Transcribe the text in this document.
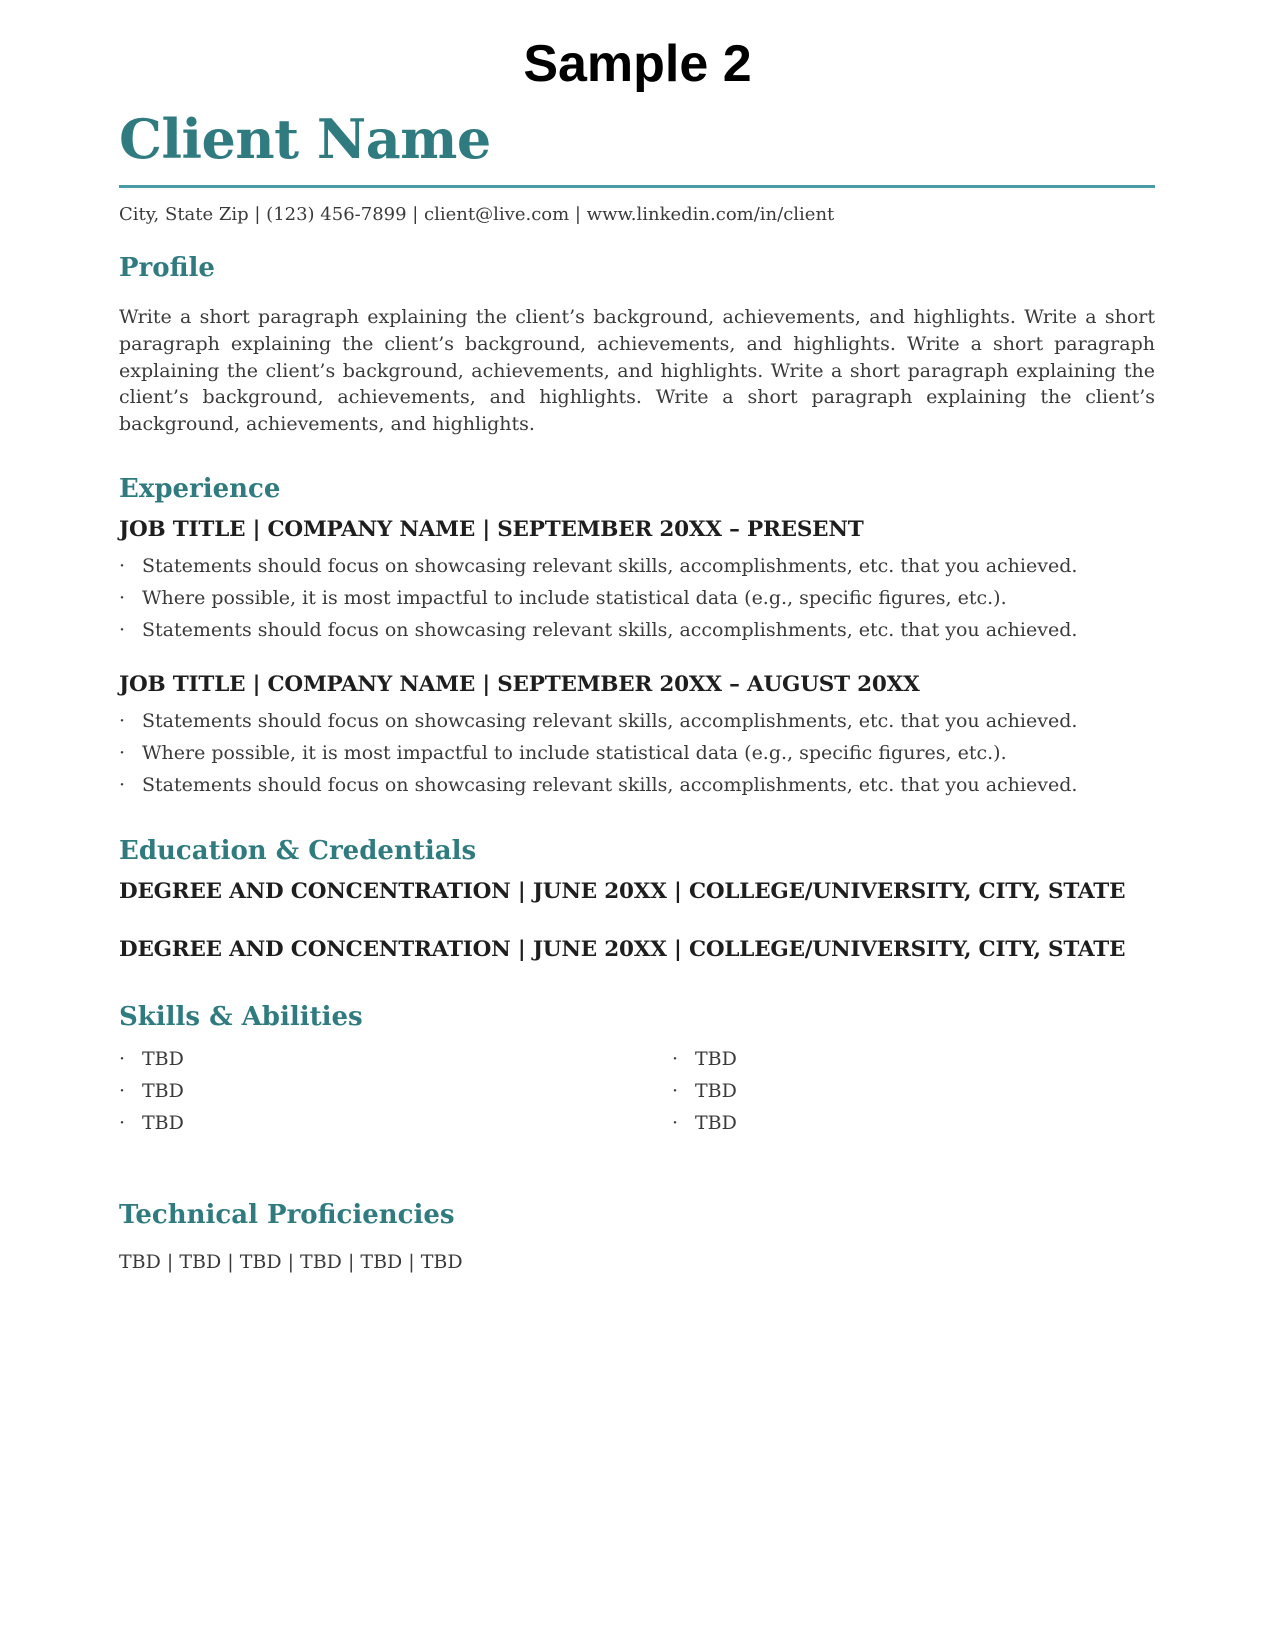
Sample 2
Client Name
City, State Zip | (123) 456-7899 | client@live.com | www.linkedin.com/in/client
Profile

Write a short paragraph explaining the client’s background, achievements, and highlights. Write a short paragraph explaining the client’s background, achievements, and highlights. Write a short paragraph explaining the client’s background, achievements, and highlights. Write a short paragraph explaining the client’s background, achievements, and highlights. Write a short paragraph explaining the client’s background, achievements, and highlights.

Experience
JOB TITLE | COMPANY NAME | SEPTEMBER 20XX – PRESENT
· Statements should focus on showcasing relevant skills, accomplishments, etc. that you achieved.
· Where possible, it is most impactful to include statistical data (e.g., specific figures, etc.).
· Statements should focus on showcasing relevant skills, accomplishments, etc. that you achieved.
JOB TITLE | COMPANY NAME | SEPTEMBER 20XX – AUGUST 20XX
· Statements should focus on showcasing relevant skills, accomplishments, etc. that you achieved.
· Where possible, it is most impactful to include statistical data (e.g., specific figures, etc.).
· Statements should focus on showcasing relevant skills, accomplishments, etc. that you achieved.
Education & Credentials
DEGREE AND CONCENTRATION | JUNE 20XX | COLLEGE/UNIVERSITY, CITY, STATE
DEGREE AND CONCENTRATION | JUNE 20XX | COLLEGE/UNIVERSITY, CITY, STATE
Skills & Abilities
· TBD
· TBD
· TBD
· TBD
· TBD
· TBD
Technical Proficiencies
TBD | TBD | TBD | TBD | TBD | TBD
